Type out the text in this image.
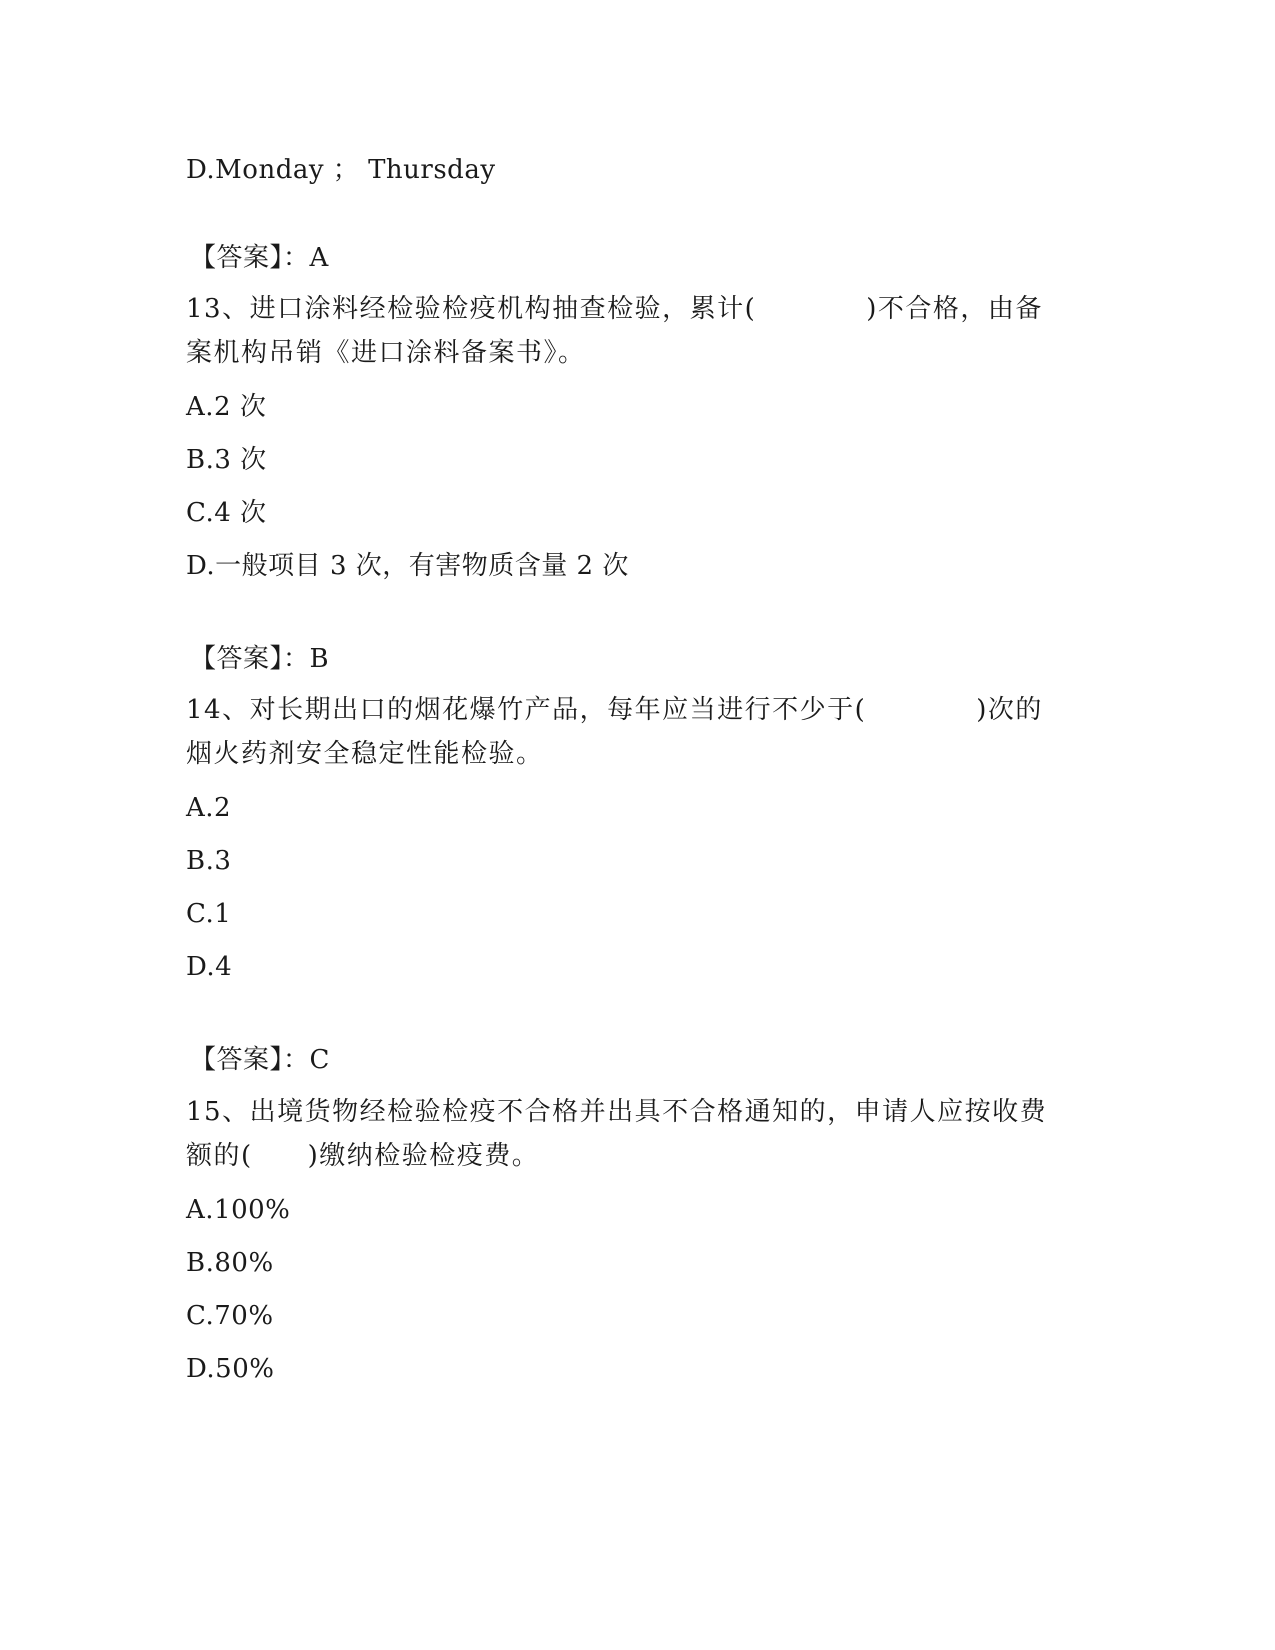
D.Monday ； Thursday
【答案】：A
13、进口涂料经检验检疫机构抽查检验，累计(　　　　)不合格，由备案机构吊销《进口涂料备案书》。
A.2 次
B.3 次
C.4 次
D.一般项目 3 次，有害物质含量 2 次
【答案】：B
14、对长期出口的烟花爆竹产品，每年应当进行不少于(　　　　)次的烟火药剂安全稳定性能检验。
A.2
B.3
C.1
D.4
【答案】：C
15、出境货物经检验检疫不合格并出具不合格通知的，申请人应按收费额的(　　)缴纳检验检疫费。
A.100%
B.80%
C.70%
D.50%
